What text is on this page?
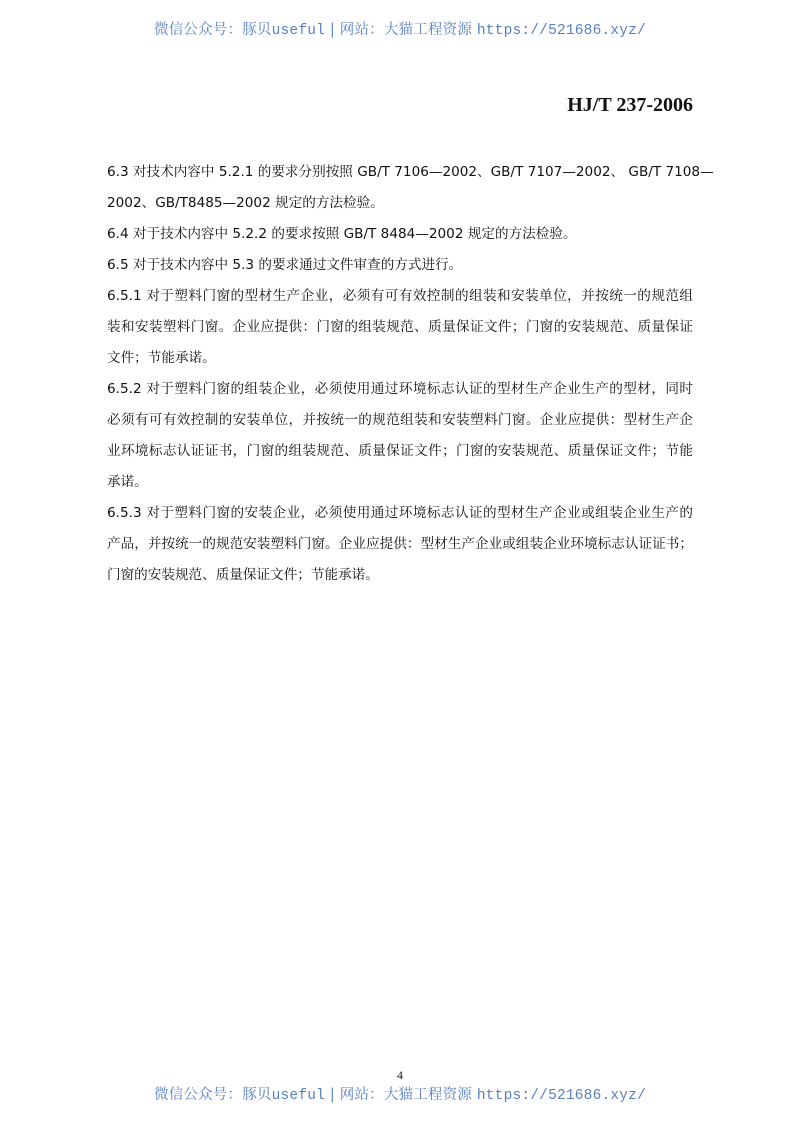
微信公众号：豚贝useful | 网站：大猫工程资源 https://521686.xyz/
HJ/T 237-2006
6.3 对技术内容中 5.2.1 的要求分别按照 GB/T 7106—2002、GB/T 7107—2002、 GB/T 7108—
2002、GB/T8485—2002 规定的方法检验。
6.4 对于技术内容中 5.2.2 的要求按照 GB/T 8484—2002 规定的方法检验。
6.5 对于技术内容中 5.3 的要求通过文件审查的方式进行。
6.5.1 对于塑料门窗的型材生产企业，必须有可有效控制的组装和安装单位，并按统一的规范组
装和安装塑料门窗。企业应提供：门窗的组装规范、质量保证文件；门窗的安装规范、质量保证
文件；节能承诺。
6.5.2 对于塑料门窗的组装企业，必须使用通过环境标志认证的型材生产企业生产的型材，同时
必须有可有效控制的安装单位，并按统一的规范组装和安装塑料门窗。企业应提供：型材生产企
业环境标志认证证书，门窗的组装规范、质量保证文件；门窗的安装规范、质量保证文件；节能
承诺。
6.5.3 对于塑料门窗的安装企业，必须使用通过环境标志认证的型材生产企业或组装企业生产的
产品，并按统一的规范安装塑料门窗。企业应提供：型材生产企业或组装企业环境标志认证证书；
门窗的安装规范、质量保证文件；节能承诺。
4
微信公众号：豚贝useful | 网站：大猫工程资源 https://521686.xyz/
